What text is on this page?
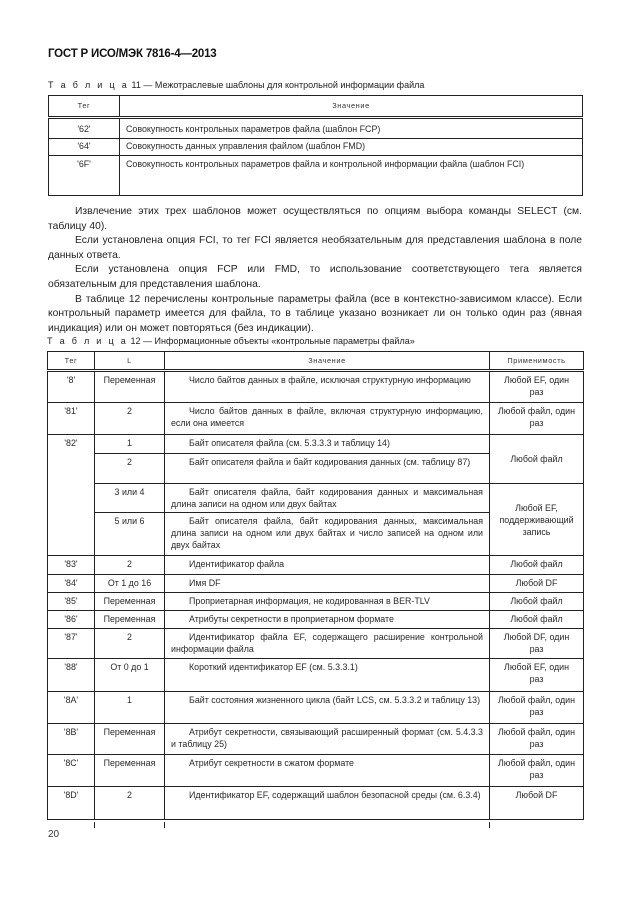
ГОСТ Р ИСО/МЭК 7816-4—2013
Т а б л и ц а 11 — Межотраслевые шаблоны для контрольной информации файла
Тег	Значение
'62'	Совокупность контрольных параметров файла (шаблон FCP)
'64'	Совокупность данных управления файлом (шаблон FMD)
'6F'	Совокупность контрольных параметров файла и контрольной информации файла (шаблон FCI)

Извлечение этих трех шаблонов может осуществляться по опциям выбора команды SELECT (см. таблицу 40).

Если установлена опция FCI, то тег FCI является необязательным для представления шаблона в поле данных ответа.

Если установлена опция FCP или FMD, то использование соответствующего тега является обязательным для представления шаблона.

В таблице 12 перечислены контрольные параметры файла (все в контекстно-зависимом классе). Если контрольный параметр имеется для файла, то в таблице указано возникает ли он только один раз (явная индикация) или он может повторяться (без индикации).

Т а б л и ц а 12 — Информационные объекты «контрольные параметры файла»
Тег	L	Значение	Применимость
'8'	Переменная	Число байтов данных в файле, исключая структурную информацию	Любой EF, один раз
'81'	2	Число байтов данных в файле, включая структурную информацию, если она имеется	Любой файл, один раз
'82'	1	Байт описателя файла (см. 5.3.3.3 и таблицу 14)	Любой файл
	2	Байт описателя файла и байт кодирования данных (см. таблицу 87)	
	3 или 4	Байт описателя файла, байт кодирования данных и максимальная длина записи на одном или двух байтах	Любой EF, поддерживающий запись
	5 или 6	Байт описателя файла, байт кодирования данных, максимальная длина записи на одном или двух байтах и число записей на одном или двух байтах	
'83'	2	Идентификатор файла	Любой файл
'84'	От 1 до 16	Имя DF	Любой DF
'85'	Переменная	Проприетарная информация, не кодированная в BER-TLV	Любой файл
'86'	Переменная	Атрибуты секретности в проприетарном формате	Любой файл
'87'	2	Идентификатор файла EF, содержащего расширение контрольной информации файла	Любой DF, один раз
'88'	От 0 до 1	Короткий идентификатор EF (см. 5.3.3.1)	Любой EF, один раз
'8A'	1	Байт состояния жизненного цикла (байт LCS, см. 5.3.3.2 и таблицу 13)	Любой файл, один раз
'8B'	Переменная	Атрибут секретности, связывающий расширенный формат (см. 5.4.3.3 и таблицу 25)	Любой файл, один раз
'8C'	Переменная	Атрибут секретности в сжатом формате	Любой файл, один раз
'8D'	2	Идентификатор EF, содержащий шаблон безопасной среды (см. 6.3.4)	Любой DF
20
